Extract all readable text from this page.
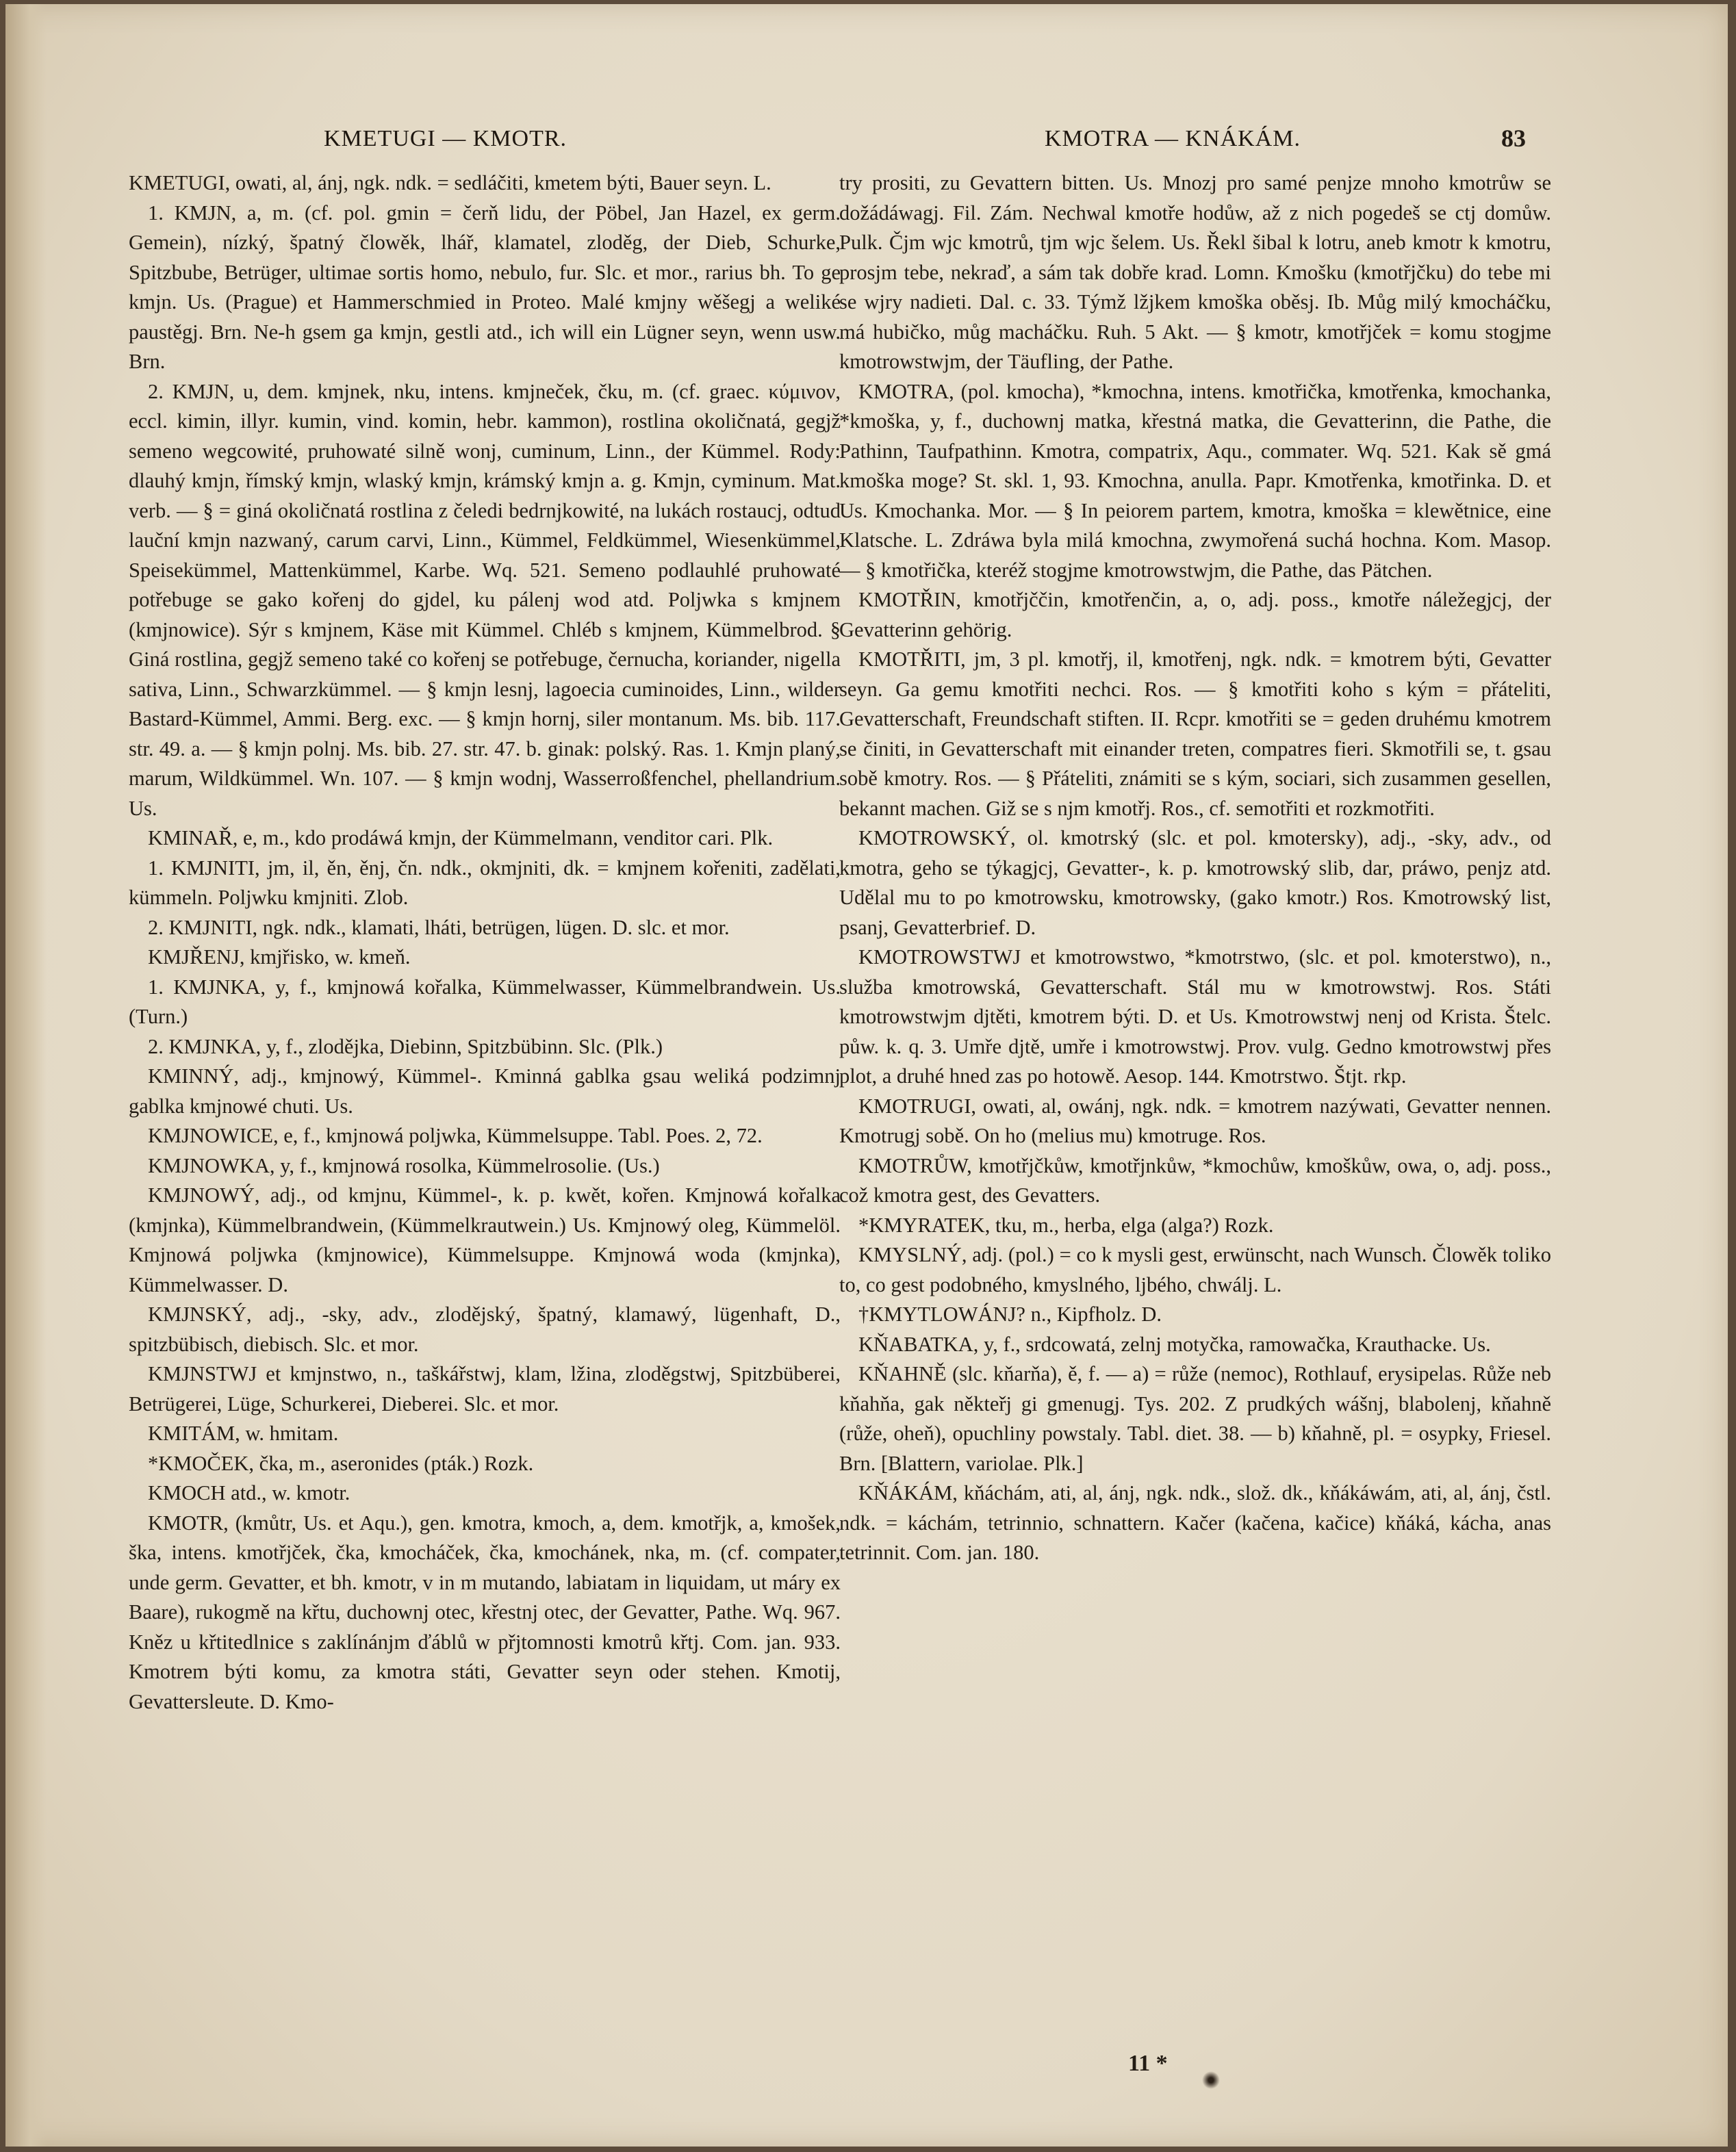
KMETUGI — KMOTR.	KMOTRA — KNÁKÁM.	83

KMETUGI, owati, al, ánj, ngk. ndk. = sedláčiti, kmetem býti, Bauer seyn. L.

1. KMJN, a, m. (cf. pol. gmin = čerň lidu, der Pöbel, Jan Hazel, ex germ. Gemein), nízký, špatný člowěk, lhář, klamatel, zloděg, der Dieb, Schurke, Spitzbube, Betrüger, ultimae sortis homo, nebulo, fur. Slc. et mor., rarius bh. To ge kmjn. Us. (Prague) et Hammerschmied in Proteo. Malé kmjny wěšegj a weliké paustěgj. Brn. Ne-h gsem ga kmjn, gestli atd., ich will ein Lügner seyn, wenn usw. Brn.

2. KMJN, u, dem. kmjnek, nku, intens. kmjneček, čku, m. (cf. graec. κύμινον, eccl. kimin, illyr. kumin, vind. komin, hebr. kammon), rostlina okoličnatá, gegjž semeno wegcowité, pruhowaté silně wonj, cuminum, Linn., der Kümmel. Rody: dlauhý kmjn, římský kmjn, wlaský kmjn, krámský kmjn a. g. Kmjn, cyminum. Mat. verb. — § = giná okoličnatá rostlina z čeledi bedrnjkowité, na lukách rostaucj, odtud lauční kmjn nazwaný, carum carvi, Linn., Kümmel, Feldkümmel, Wiesenkümmel, Speisekümmel, Mattenkümmel, Karbe. Wq. 521. Semeno podlauhlé pruhowaté potřebuge se gako kořenj do gjdel, ku pálenj wod atd. Poljwka s kmjnem (kmjnowice). Sýr s kmjnem, Käse mit Kümmel. Chléb s kmjnem, Kümmelbrod. § Giná rostlina, gegjž semeno také co kořenj se potřebuge, černucha, koriander, nigella sativa, Linn., Schwarzkümmel. — § kmjn lesnj, lagoecia cuminoides, Linn., wilder Bastard-Kümmel, Ammi. Berg. exc. — § kmjn hornj, siler montanum. Ms. bib. 117. str. 49. a. — § kmjn polnj. Ms. bib. 27. str. 47. b. ginak: polský. Ras. 1. Kmjn planý, marum, Wildkümmel. Wn. 107. — § kmjn wodnj, Wasserroßfenchel, phellandrium. Us.

KMINAŘ, e, m., kdo prodáwá kmjn, der Kümmelmann, venditor cari. Plk.

1. KMJNITI, jm, il, ěn, ěnj, čn. ndk., okmjniti, dk. = kmjnem kořeniti, zadělati, kümmeln. Poljwku kmjniti. Zlob.

2. KMJNITI, ngk. ndk., klamati, lháti, betrügen, lügen. D. slc. et mor.

KMJŘENJ, kmjřisko, w. kmeň.

1. KMJNKA, y, f., kmjnowá kořalka, Kümmelwasser, Kümmelbrandwein. Us. (Turn.)

2. KMJNKA, y, f., zlodějka, Diebinn, Spitzbübinn. Slc. (Plk.)

KMINNÝ, adj., kmjnowý, Kümmel-. Kminná gablka gsau weliká podzimnj gablka kmjnowé chuti. Us.

KMJNOWICE, e, f., kmjnowá poljwka, Kümmelsuppe. Tabl. Poes. 2, 72.

KMJNOWKA, y, f., kmjnowá rosolka, Kümmelrosolie. (Us.)

KMJNOWÝ, adj., od kmjnu, Kümmel-, k. p. kwět, kořen. Kmjnowá kořalka (kmjnka), Kümmelbrandwein, (Kümmelkrautwein.) Us. Kmjnowý oleg, Kümmelöl. Kmjnowá poljwka (kmjnowice), Kümmelsuppe. Kmjnowá woda (kmjnka), Kümmelwasser. D.

KMJNSKÝ, adj., -sky, adv., zlodějský, špatný, klamawý, lügenhaft, D., spitzbübisch, diebisch. Slc. et mor.

KMJNSTWJ et kmjnstwo, n., taškářstwj, klam, lžina, zloděgstwj, Spitzbüberei, Betrügerei, Lüge, Schurkerei, Dieberei. Slc. et mor.

KMITÁM, w. hmitam.

*KMOČEK, čka, m., aseronides (pták.) Rozk.

KMOCH atd., w. kmotr.

KMOTR, (kmůtr, Us. et Aqu.), gen. kmotra, kmoch, a, dem. kmotřjk, a, kmošek, ška, intens. kmotřjček, čka, kmocháček, čka, kmochánek, nka, m. (cf. compater, unde germ. Gevatter, et bh. kmotr, v in m mutando, labiatam in liquidam, ut máry ex Baare), rukogmě na křtu, duchownj otec, křestnj otec, der Gevatter, Pathe. Wq. 967. Kněz u křtitedlnice s zaklínánjm ďáblů w přjtomnosti kmotrů křtj. Com. jan. 933. Kmotrem býti komu, za kmotra státi, Gevatter seyn oder stehen. Kmotij, Gevattersleute. D. Kmo-

try prositi, zu Gevattern bitten. Us. Mnozj pro samé penjze mnoho kmotrůw se dožádáwagj. Fil. Zám. Nechwal kmotře hodůw, až z nich pogedeš se ctj domůw. Pulk. Čjm wjc kmotrů, tjm wjc šelem. Us. Řekl šibal k lotru, aneb kmotr k kmotru, prosjm tebe, nekraď, a sám tak dobře krad. Lomn. Kmošku (kmotřjčku) do tebe mi se wjry nadieti. Dal. c. 33. Týmž lžjkem kmoška oběsj. Ib. Můg milý kmocháčku, má hubičko, můg macháčku. Ruh. 5 Akt. — § kmotr, kmotřjček = komu stogjme kmotrowstwjm, der Täufling, der Pathe.

KMOTRA, (pol. kmocha), *kmochna, intens. kmotřička, kmotřenka, kmochanka, *kmoška, y, f., duchownj matka, křestná matka, die Gevatterinn, die Pathe, die Pathinn, Taufpathinn. Kmotra, compatrix, Aqu., commater. Wq. 521. Kak sě gmá kmoška moge? St. skl. 1, 93. Kmochna, anulla. Papr. Kmotřenka, kmotřinka. D. et Us. Kmochanka. Mor. — § In peiorem partem, kmotra, kmoška = klewětnice, eine Klatsche. L. Zdráwa byla milá kmochna, zwymořená suchá hochna. Kom. Masop. — § kmotřička, kteréž stogjme kmotrowstwjm, die Pathe, das Pätchen.

KMOTŘIN, kmotřjččin, kmotřenčin, a, o, adj. poss., kmotře náležegjcj, der Gevatterinn gehörig.

KMOTŘITI, jm, 3 pl. kmotřj, il, kmotřenj, ngk. ndk. = kmotrem býti, Gevatter seyn. Ga gemu kmotřiti nechci. Ros. — § kmotřiti koho s kým = přáteliti, Gevatterschaft, Freundschaft stiften. II. Rcpr. kmotřiti se = geden druhému kmotrem se činiti, in Gevatterschaft mit einander treten, compatres fieri. Skmotřili se, t. gsau sobě kmotry. Ros. — § Přáteliti, známiti se s kým, sociari, sich zusammen gesellen, bekannt machen. Giž se s njm kmotřj. Ros., cf. semotřiti et rozkmotřiti.

KMOTROWSKÝ, ol. kmotrský (slc. et pol. kmotersky), adj., -sky, adv., od kmotra, geho se týkagjcj, Gevatter-, k. p. kmotrowský slib, dar, práwo, penjz atd. Udělal mu to po kmotrowsku, kmotrowsky, (gako kmotr.) Ros. Kmotrowský list, psanj, Gevatterbrief. D.

KMOTROWSTWJ et kmotrowstwo, *kmotrstwo, (slc. et pol. kmoterstwo), n., služba kmotrowská, Gevatterschaft. Stál mu w kmotrowstwj. Ros. Státi kmotrowstwjm djtěti, kmotrem býti. D. et Us. Kmotrowstwj nenj od Krista. Štelc. půw. k. q. 3. Umře djtě, umře i kmotrowstwj. Prov. vulg. Gedno kmotrowstwj přes plot, a druhé hned zas po hotowě. Aesop. 144. Kmotrstwo. Štjt. rkp.

KMOTRUGI, owati, al, owánj, ngk. ndk. = kmotrem nazýwati, Gevatter nennen. Kmotrugj sobě. On ho (melius mu) kmotruge. Ros.

KMOTRŮW, kmotřjčkůw, kmotřjnkůw, *kmochůw, kmoškůw, owa, o, adj. poss., což kmotra gest, des Gevatters.

*KMYRATEK, tku, m., herba, elga (alga?) Rozk.

KMYSLNÝ, adj. (pol.) = co k mysli gest, erwünscht, nach Wunsch. Člowěk toliko to, co gest podobného, kmyslného, ljbého, chwálj. L.

†KMYTLOWÁNJ? n., Kipfholz. D.

KŇABATKA, y, f., srdcowatá, zelnj motyčka, ramowačka, Krauthacke. Us.

KŇAHNĚ (slc. kňarňa), ě, f. — a) = růže (nemoc), Rothlauf, erysipelas. Růže neb kňahňa, gak někteřj gi gmenugj. Tys. 202. Z prudkých wášnj, blabolenj, kňahně (růže, oheň), opuchliny powstaly. Tabl. diet. 38. — b) kňahně, pl. = osypky, Friesel. Brn. [Blattern, variolae. Plk.]

KŇÁKÁM, kňáchám, ati, al, ánj, ngk. ndk., slož. dk., kňákáwám, ati, al, ánj, čstl. ndk. = káchám, tetrinnio, schnattern. Kačer (kačena, kačice) kňáká, kácha, anas tetrinnit. Com. jan. 180.

11 *
